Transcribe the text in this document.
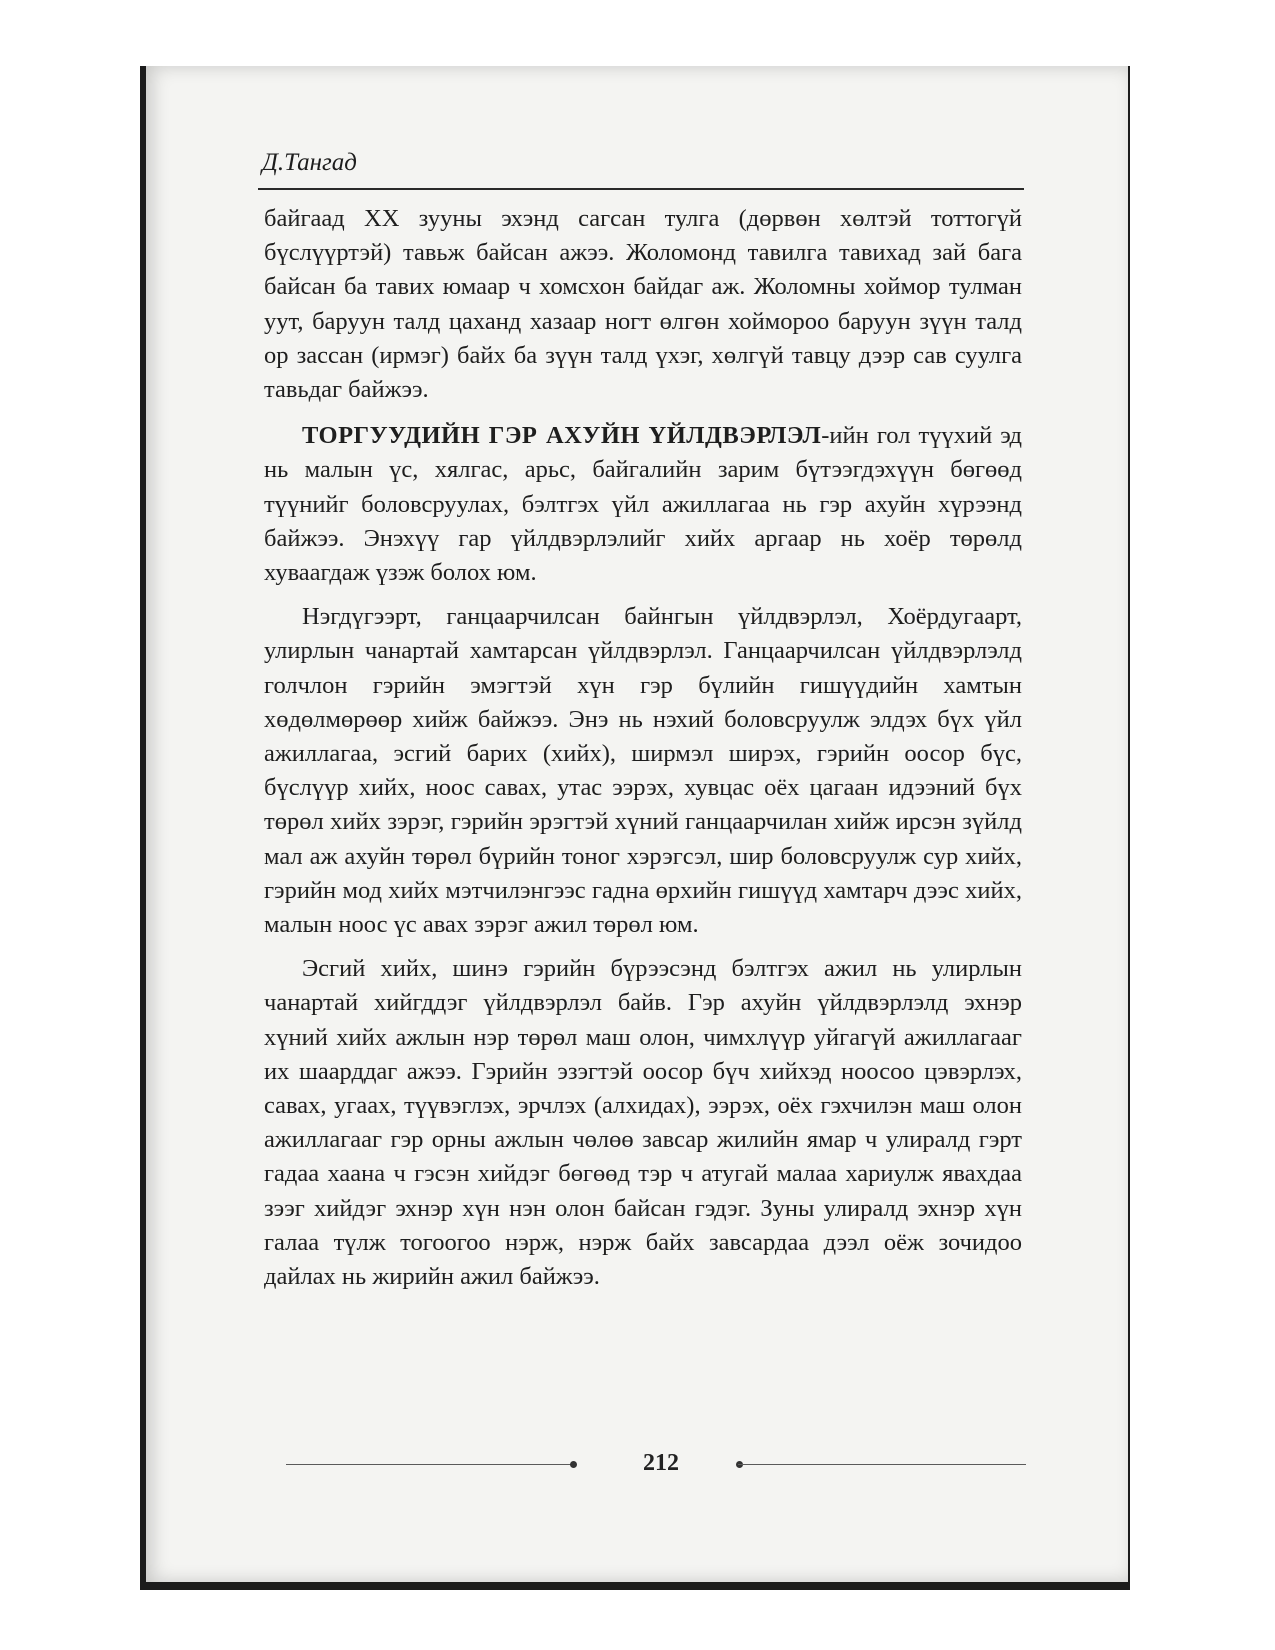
Д.Тангад

байгаад ХХ зууны эхэнд сагсан тулга (дөрвөн хөлтэй тоттогүй бүслүүртэй) тавьж байсан ажээ. Жоломонд тавилга тавихад зай бага байсан ба тавих юмаар ч хомсхон байдаг аж. Жоломны хоймор тулман уут, баруун талд цаханд хазаар ногт өлгөн хоймороо баруун зүүн талд ор зассан (ирмэг) байх ба зүүн талд үхэг, хөлгүй тавцу дээр сав суулга тавьдаг байжээ.

ТОРГУУДИЙН ГЭР АХУЙН ҮЙЛДВЭРЛЭЛ-ийн гол түүхий эд нь малын үс, хялгас, арьс, байгалийн зарим бүтээгдэхүүн бөгөөд түүнийг боловсруулах, бэлтгэх үйл ажиллагаа нь гэр ахуйн хүрээнд байжээ. Энэхүү гар үйлдвэрлэлийг хийх аргаар нь хоёр төрөлд хуваагдаж үзэж болох юм.

Нэгдүгээрт, ганцаарчилсан байнгын үйлдвэрлэл, Хоёрдугаарт, улирлын чанартай хамтарсан үйлдвэрлэл. Ганцаарчилсан үйлдвэрлэлд голчлон гэрийн эмэгтэй хүн гэр бүлийн гишүүдийн хамтын хөдөлмөрөөр хийж байжээ. Энэ нь нэхий боловсруулж элдэх бүх үйл ажиллагаа, эсгий барих (хийх), ширмэл ширэх, гэрийн оосор бүс, бүслүүр хийх, ноос савах, утас ээрэх, хувцас оёх цагаан идээний бүх төрөл хийх зэрэг, гэрийн эрэгтэй хүний ганцаарчилан хийж ирсэн зүйлд мал аж ахуйн төрөл бүрийн тоног хэрэгсэл, шир боловсруулж сур хийх, гэрийн мод хийх мэтчилэнгээс гадна өрхийн гишүүд хамтарч дээс хийх, малын ноос үс авах зэрэг ажил төрөл юм.

Эсгий хийх, шинэ гэрийн бүрээсэнд бэлтгэх ажил нь улирлын чанартай хийгддэг үйлдвэрлэл байв. Гэр ахуйн үйлдвэрлэлд эхнэр хүний хийх ажлын нэр төрөл маш олон, чимхлүүр уйгагүй ажиллагааг их шаарддаг ажээ. Гэрийн эзэгтэй оосор бүч хийхэд ноосоо цэвэрлэх, савах, угаах, түүвэглэх, эрчлэх (алхидах), ээрэх, оёх гэхчилэн маш олон ажиллагааг гэр орны ажлын чөлөө завсар жилийн ямар ч улиралд гэрт гадаа хаана ч гэсэн хийдэг бөгөөд тэр ч атугай малаа хариулж явахдаа зээг хийдэг эхнэр хүн нэн олон байсан гэдэг. Зуны улиралд эхнэр хүн галаа түлж тогоогоо нэрж, нэрж байх завсардаа дээл оёж зочидоо дайлах нь жирийн ажил байжээ.

212
